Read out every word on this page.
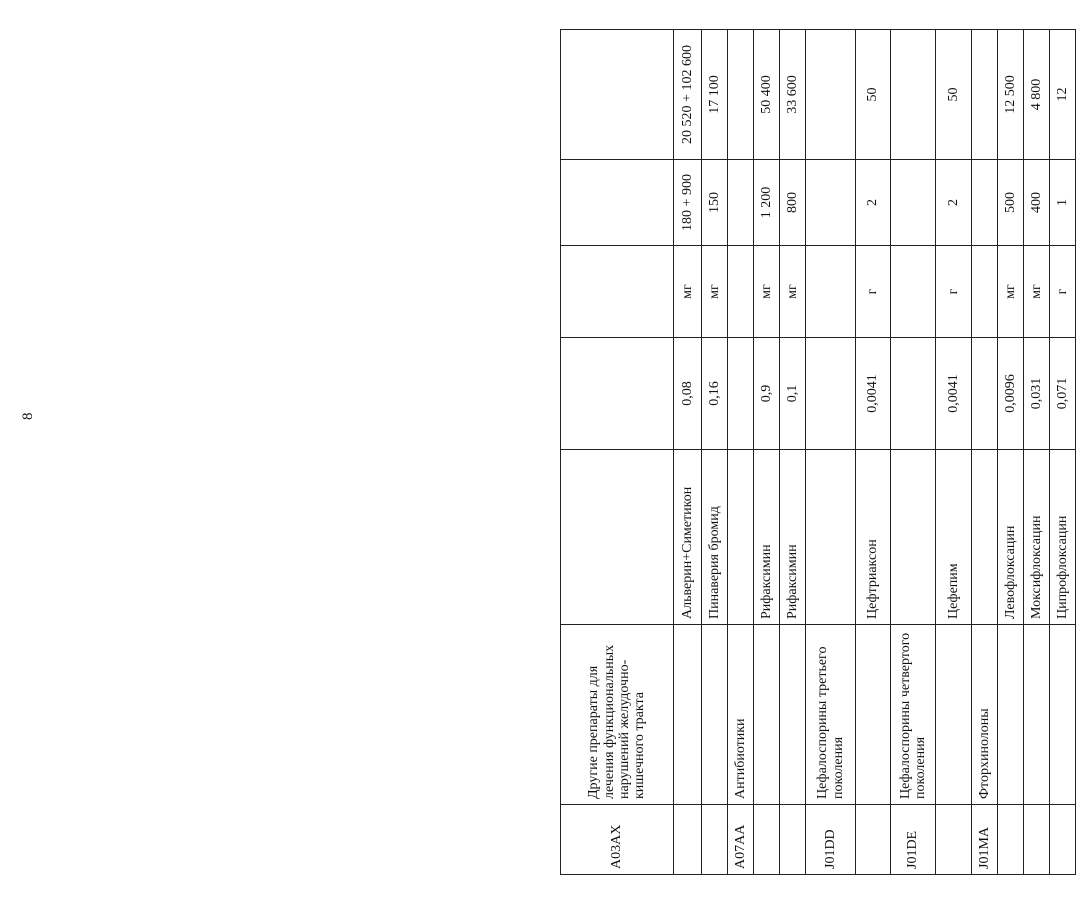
8
A03AX	Другие препараты для лечения функциональных нарушений желудочно-кишечного тракта					
		Альверин+Симетикон	0,08	мг	180 + 900	20 520 + 102 600
		Пинаверия бромид	0,16	мг	150	17 100
A07AA	Антибиотики					
		Рифаксимин	0,9	мг	1 200	50 400
		Рифаксимин	0,1	мг	800	33 600
J01DD	Цефалоспорины третьего поколения					
		Цефтриаксон	0,0041	г	2	50
J01DE	Цефалоспорины четвертого поколения					
		Цефепим	0,0041	г	2	50
J01MA	Фторхинолоны					
		Левофлоксацин	0,0096	мг	500	12 500
		Моксифлоксацин	0,031	мг	400	4 800
		Ципрофлоксацин	0,071	г	1	12
